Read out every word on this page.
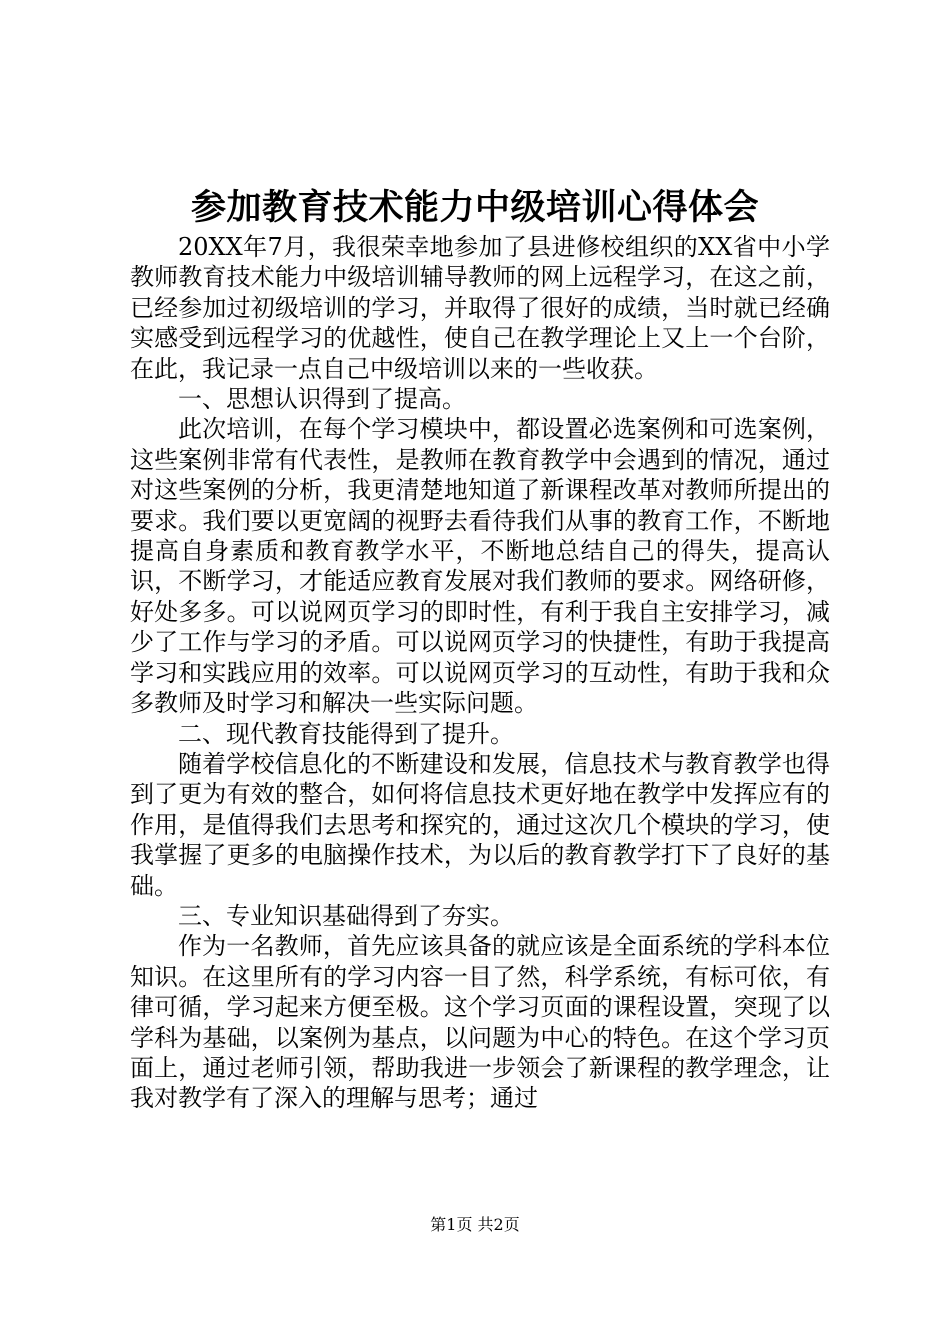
参加教育技术能力中级培训心得体会

20XX年7月，我很荣幸地参加了县进修校组织的XX省中小学教师教育技术能力中级培训辅导教师的网上远程学习，在这之前，已经参加过初级培训的学习，并取得了很好的成绩，当时就已经确实感受到远程学习的优越性，使自己在教学理论上又上一个台阶，在此，我记录一点自己中级培训以来的一些收获。

一、思想认识得到了提高。

此次培训，在每个学习模块中，都设置必选案例和可选案例，这些案例非常有代表性，是教师在教育教学中会遇到的情况，通过对这些案例的分析，我更清楚地知道了新课程改革对教师所提出的要求。我们要以更宽阔的视野去看待我们从事的教育工作，不断地提高自身素质和教育教学水平，不断地总结自己的得失，提高认识，不断学习，才能适应教育发展对我们教师的要求。网络研修，好处多多。可以说网页学习的即时性，有利于我自主安排学习，减少了工作与学习的矛盾。可以说网页学习的快捷性，有助于我提高学习和实践应用的效率。可以说网页学习的互动性，有助于我和众多教师及时学习和解决一些实际问题。

二、现代教育技能得到了提升。

随着学校信息化的不断建设和发展，信息技术与教育教学也得到了更为有效的整合，如何将信息技术更好地在教学中发挥应有的作用，是值得我们去思考和探究的，通过这次几个模块的学习，使我掌握了更多的电脑操作技术，为以后的教育教学打下了良好的基础。

三、专业知识基础得到了夯实。

作为一名教师，首先应该具备的就应该是全面系统的学科本位知识。在这里所有的学习内容一目了然，科学系统，有标可依，有律可循，学习起来方便至极。这个学习页面的课程设置，突现了以学科为基础，以案例为基点，以问题为中心的特色。在这个学习页面上，通过老师引领，帮助我进一步领会了新课程的教学理念，让我对教学有了深入的理解与思考；通过

第1页 共2页
